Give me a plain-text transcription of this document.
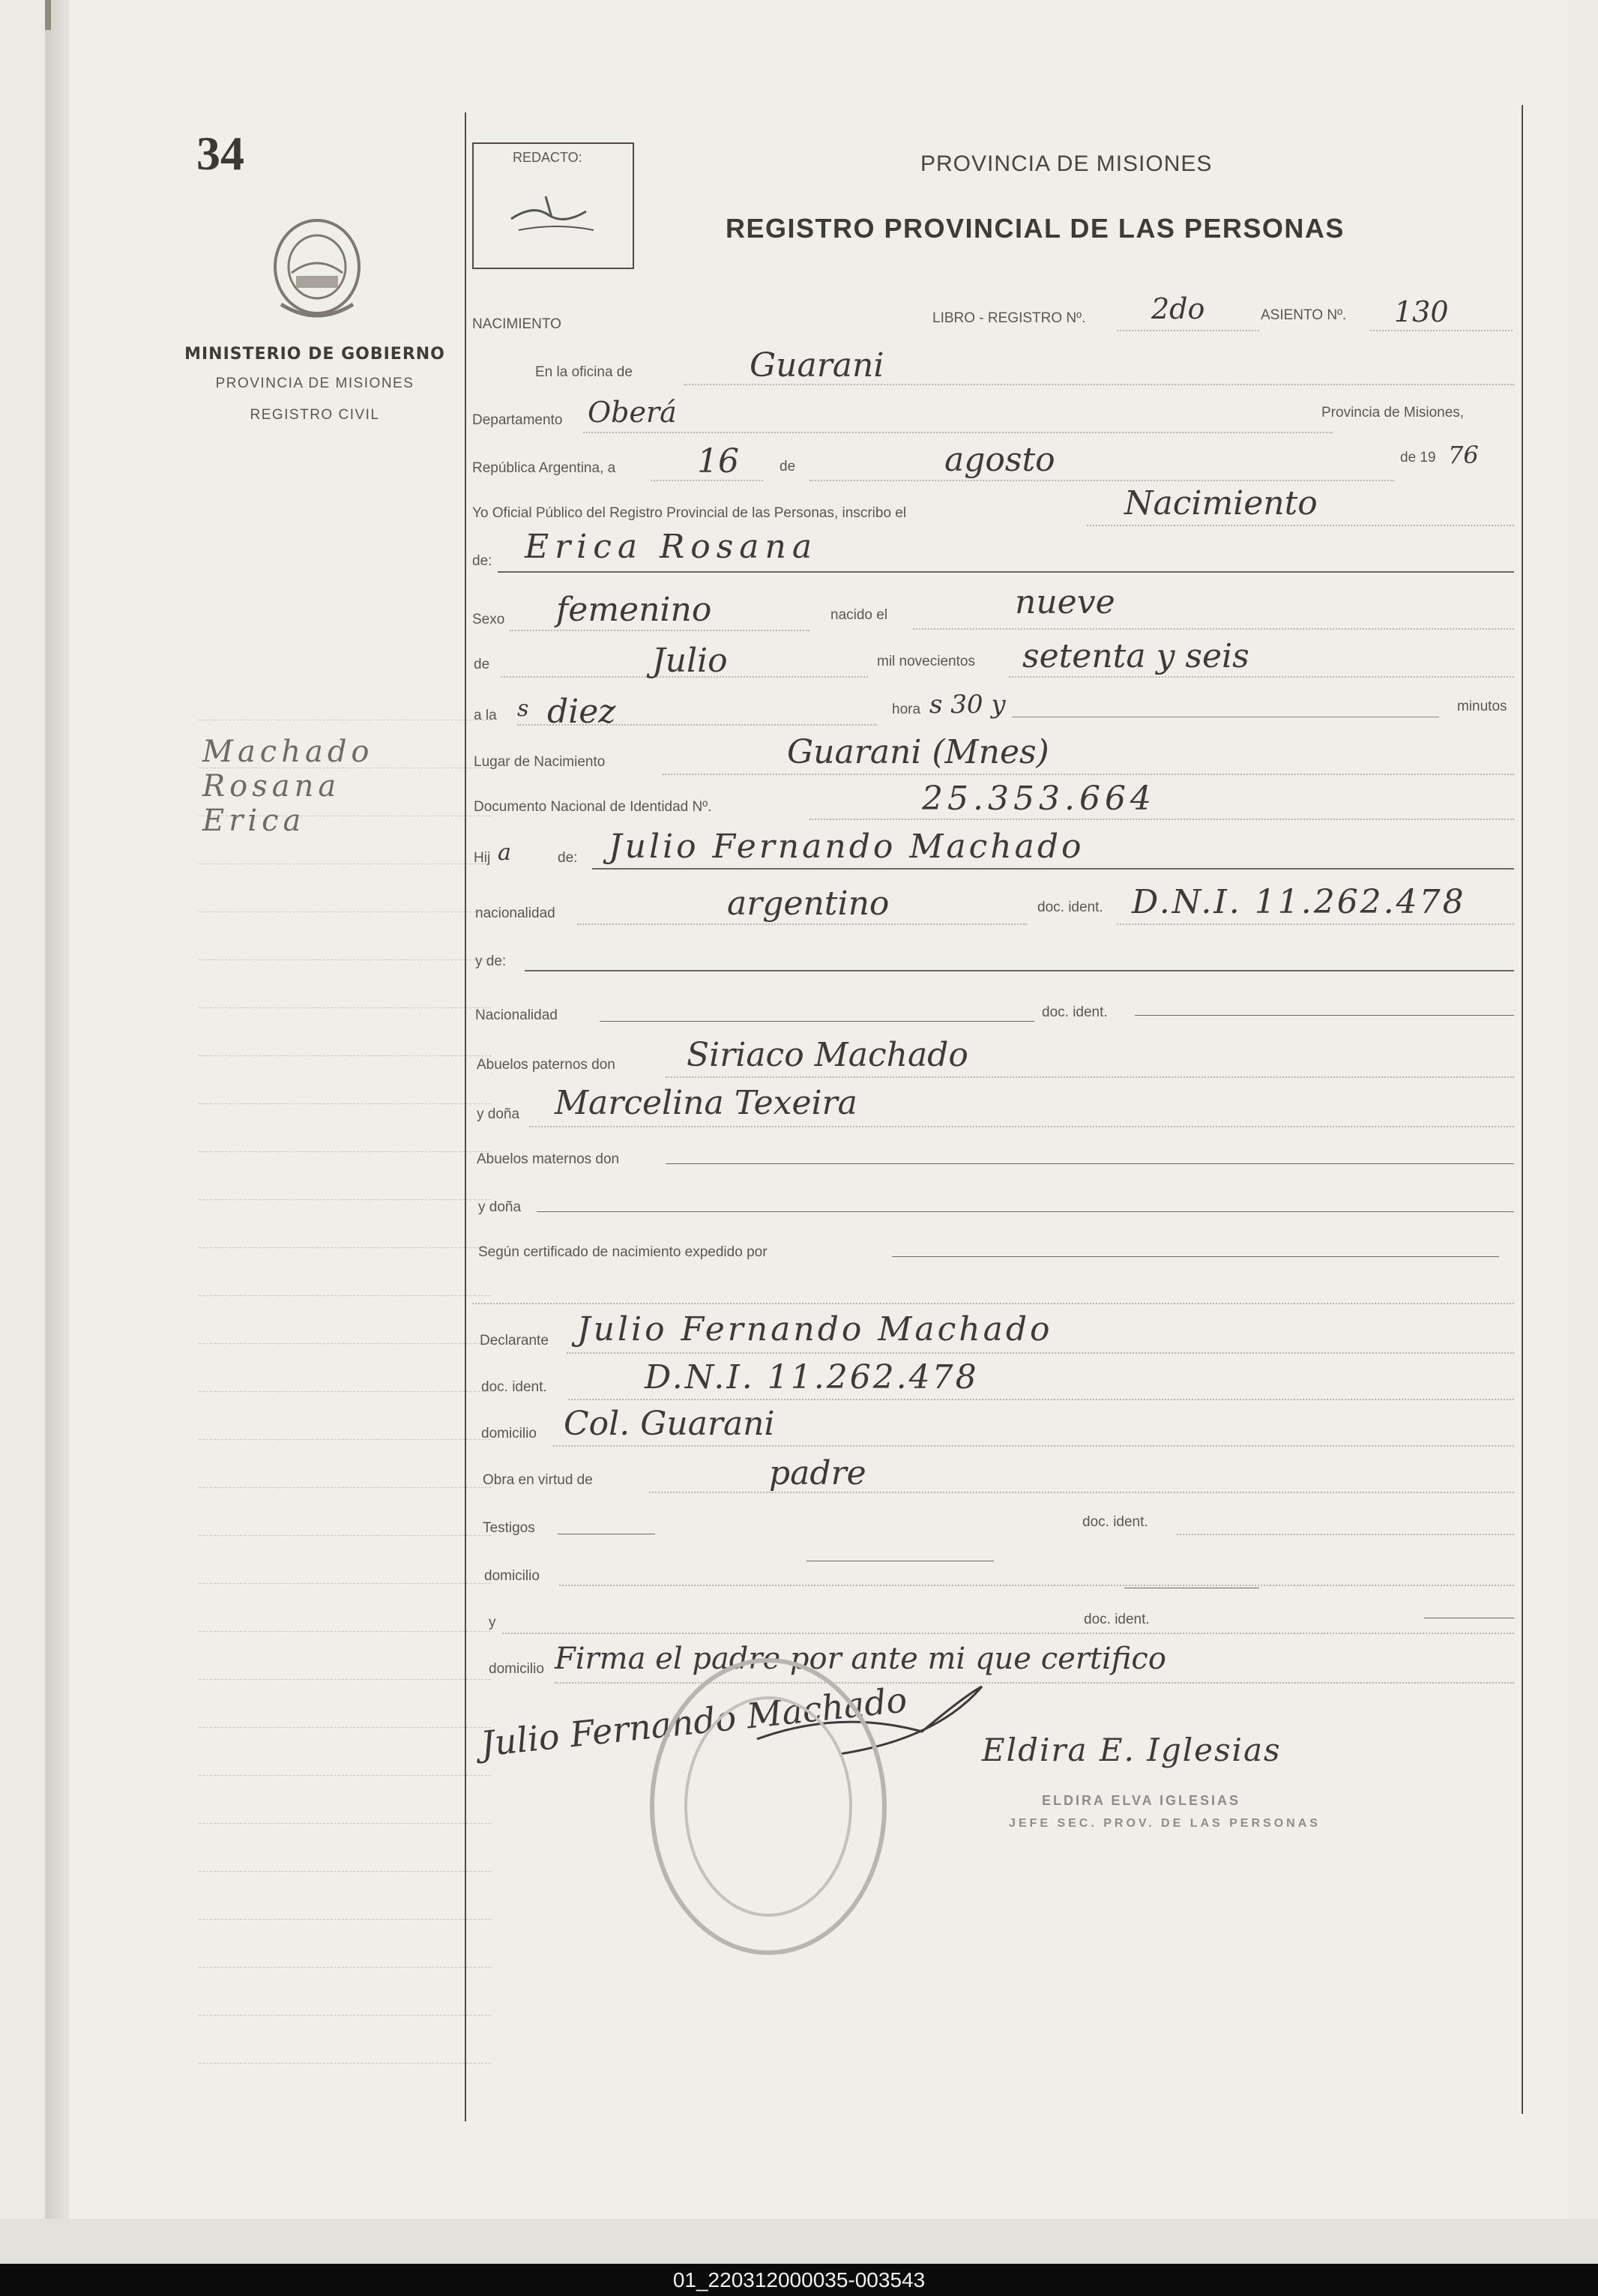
34
MINISTERIO DE GOBIERNO
PROVINCIA DE MISIONES
REGISTRO CIVIL
Machado
Rosana
Erica
REDACTO:	PROVINCIA DE MISIONES
REGISTRO PROVINCIAL DE LAS PERSONAS
NACIMIENTO	LIBRO - REGISTRO Nº. 2do	ASIENTO Nº. 130
En la oficina de	Guarani
Departamento Oberá	Provincia de Misiones,
República Argentina, a 16	de	agosto	de 19 76
Yo Oficial Público del Registro Provincial de las Personas, inscribo el	Nacimiento
de: Erica Rosana
Sexo femenino	nacido el	nueve
de	Julio	mil novecientos setenta y seis
a la s diez	hora s 30 y	minutos
Lugar de Nacimiento	Guarani (Mnes)
Documento Nacional de Identidad Nº.	25.353.664
Hij a	de: Julio Fernando Machado
nacionalidad	argentino	doc. ident. D.N.I. 11.262.478
y de:
Nacionalidad	doc. ident.
Abuelos paternos don Siriaco Machado
y doña Marcelina Texeira
Abuelos maternos don
y doña
Según certificado de nacimiento expedido por
Declarante Julio Fernando Machado
doc. ident.	D.N.I. 11.262.478
domicilio Col. Guarani
Obra en virtud de	padre
Testigos	doc. ident.
domicilio
y	doc. ident.
domicilio Firma el padre por ante mi que certifico
Julio Fernando Machado Eldira E. Iglesias
ELDIRA ELVA IGLESIAS
JEFE SEC. PROV. DE LAS PERSONAS
01_220312000035-003543
